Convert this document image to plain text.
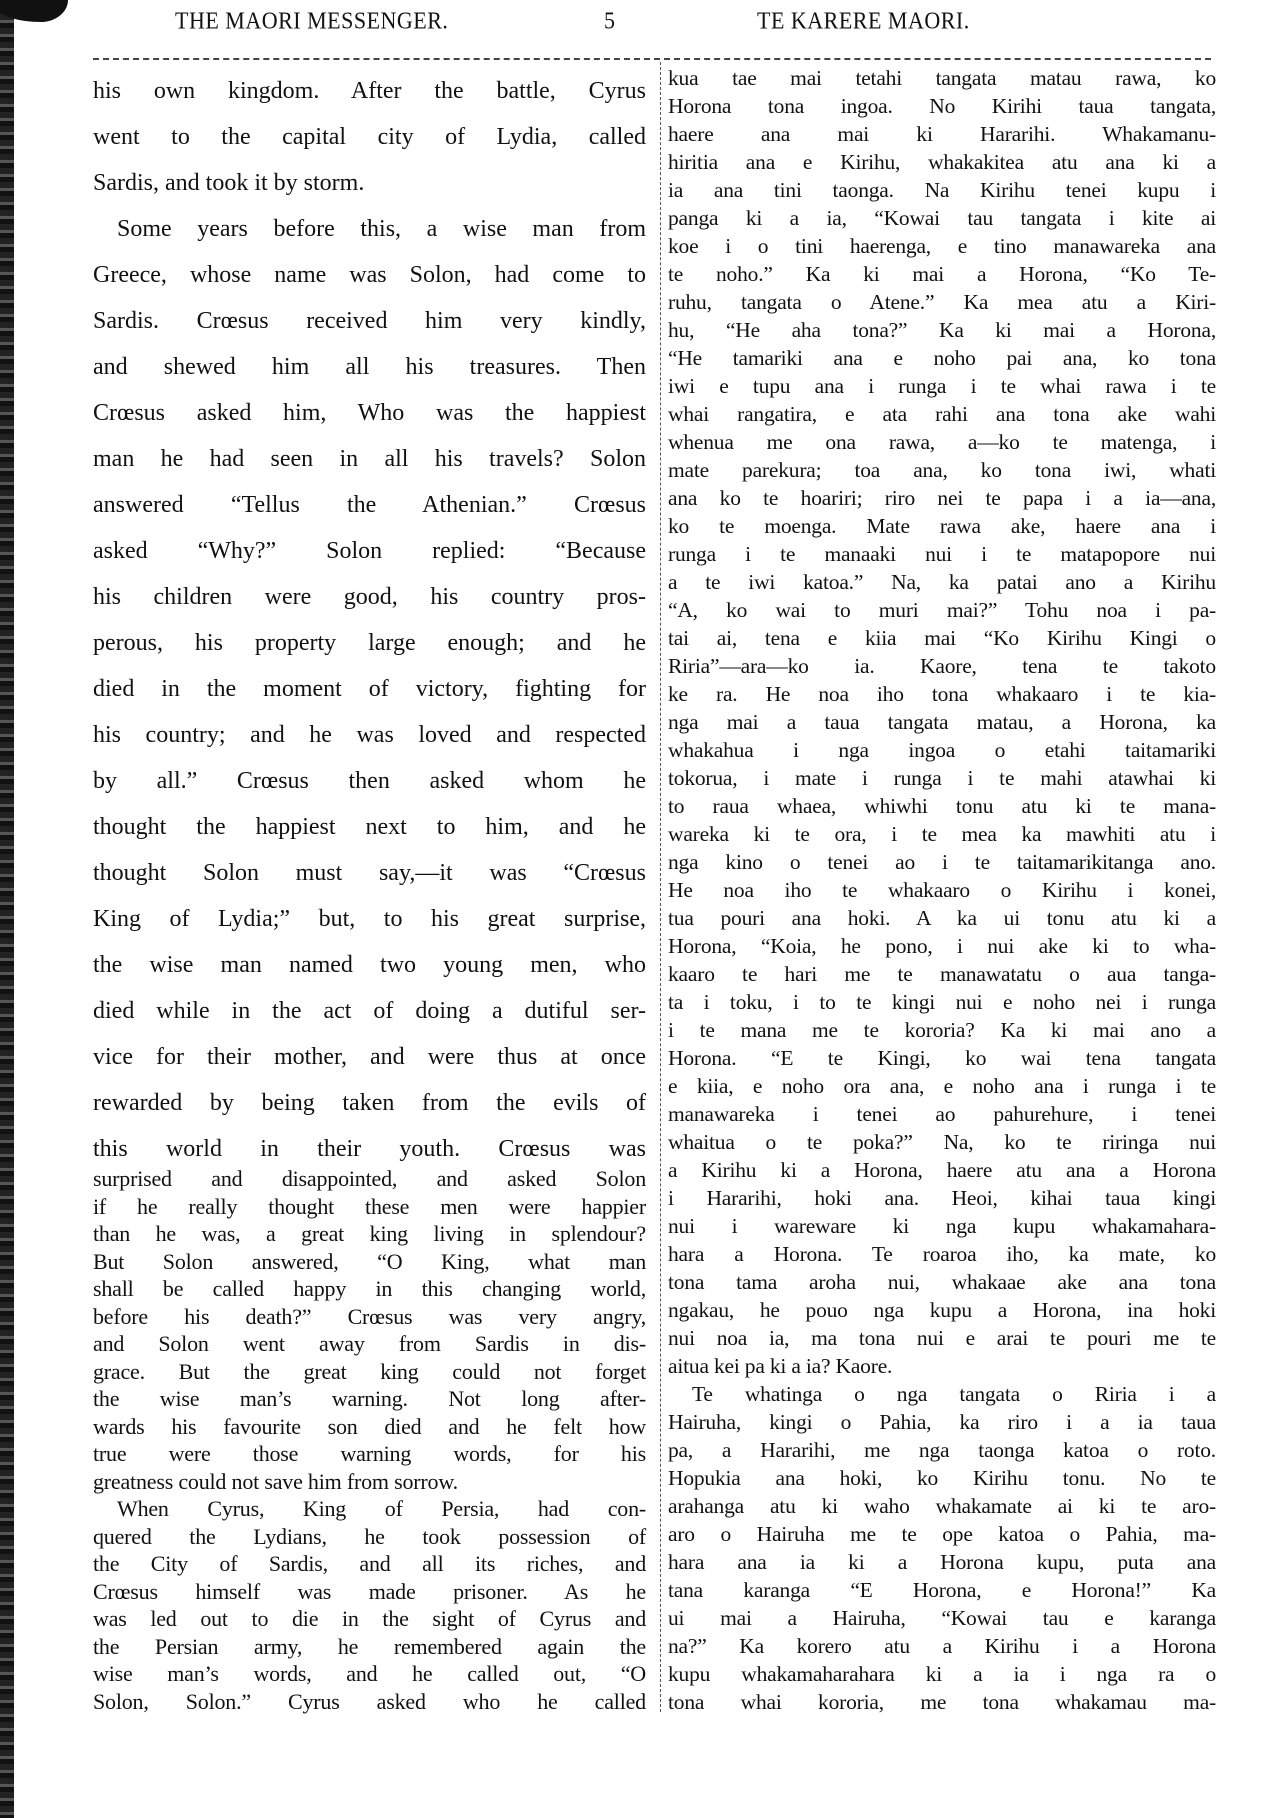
THE MAORI MESSENGER.	5	TE KARERE MAORI.
his own kingdom. After the battle, Cyrus
went to the capital city of Lydia, called
Sardis, and took it by storm.
Some years before this, a wise man from
Greece, whose name was Solon, had come to
Sardis. Crœsus received him very kindly,
and shewed him all his treasures. Then
Crœsus asked him, Who was the happiest
man he had seen in all his travels? Solon
answered “Tellus the Athenian.” Crœsus
asked “Why?” Solon replied: “Because
his children were good, his country pros-
perous, his property large enough; and he
died in the moment of victory, fighting for
his country; and he was loved and respected
by all.” Crœsus then asked whom he
thought the happiest next to him, and he
thought Solon must say,—it was “Crœsus
King of Lydia;” but, to his great surprise,
the wise man named two young men, who
died while in the act of doing a dutiful ser-
vice for their mother, and were thus at once
rewarded by being taken from the evils of
this world in their youth. Crœsus was
surprised and disappointed, and asked Solon
if he really thought these men were happier
than he was, a great king living in splendour?
But Solon answered, “O King, what man
shall be called happy in this changing world,
before his death?” Crœsus was very angry,
and Solon went away from Sardis in dis-
grace. But the great king could not forget
the wise man’s warning. Not long after-
wards his favourite son died and he felt how
true were those warning words, for his
greatness could not save him from sorrow.
When Cyrus, King of Persia, had con-
quered the Lydians, he took possession of
the City of Sardis, and all its riches, and
Crœsus himself was made prisoner. As he
was led out to die in the sight of Cyrus and
the Persian army, he remembered again the
wise man’s words, and he called out, “O
Solon, Solon.” Cyrus asked who he called
kua tae mai tetahi tangata matau rawa, ko
Horona tona ingoa. No Kirihi taua tangata,
haere ana mai ki Hararihi. Whakamanu-
hiritia ana e Kirihu, whakakitea atu ana ki a
ia ana tini taonga. Na Kirihu tenei kupu i
panga ki a ia, “Kowai tau tangata i kite ai
koe i o tini haerenga, e tino manawareka ana
te noho.” Ka ki mai a Horona, “Ko Te-
ruhu, tangata o Atene.” Ka mea atu a Kiri-
hu, “He aha tona?” Ka ki mai a Horona,
“He tamariki ana e noho pai ana, ko tona
iwi e tupu ana i runga i te whai rawa i te
whai rangatira, e ata rahi ana tona ake wahi
whenua me ona rawa, a—ko te matenga, i
mate parekura; toa ana, ko tona iwi, whati
ana ko te hoariri; riro nei te papa i a ia—ana,
ko te moenga. Mate rawa ake, haere ana i
runga i te manaaki nui i te matapopore nui
a te iwi katoa.” Na, ka patai ano a Kirihu
“A, ko wai to muri mai?” Tohu noa i pa-
tai ai, tena e kiia mai “Ko Kirihu Kingi o
Riria”—ara—ko ia. Kaore, tena te takoto
ke ra. He noa iho tona whakaaro i te kia-
nga mai a taua tangata matau, a Horona, ka
whakahua i nga ingoa o etahi taitamariki
tokorua, i mate i runga i te mahi atawhai ki
to raua whaea, whiwhi tonu atu ki te mana-
wareka ki te ora, i te mea ka mawhiti atu i
nga kino o tenei ao i te taitamarikitanga ano.
He noa iho te whakaaro o Kirihu i konei,
tua pouri ana hoki. A ka ui tonu atu ki a
Horona, “Koia, he pono, i nui ake ki to wha-
kaaro te hari me te manawatatu o aua tanga-
ta i toku, i to te kingi nui e noho nei i runga
i te mana me te kororia? Ka ki mai ano a
Horona. “E te Kingi, ko wai tena tangata
e kiia, e noho ora ana, e noho ana i runga i te
manawareka i tenei ao pahurehure, i tenei
whaitua o te poka?” Na, ko te riringa nui
a Kirihu ki a Horona, haere atu ana a Horona
i Hararihi, hoki ana. Heoi, kihai taua kingi
nui i wareware ki nga kupu whakamahara-
hara a Horona. Te roaroa iho, ka mate, ko
tona tama aroha nui, whakaae ake ana tona
ngakau, he pouo nga kupu a Horona, ina hoki
nui noa ia, ma tona nui e arai te pouri me te
aitua kei pa ki a ia? Kaore.
Te whatinga o nga tangata o Riria i a
Hairuha, kingi o Pahia, ka riro i a ia taua
pa, a Hararihi, me nga taonga katoa o roto.
Hopukia ana hoki, ko Kirihu tonu. No te
arahanga atu ki waho whakamate ai ki te aro-
aro o Hairuha me te ope katoa o Pahia, ma-
hara ana ia ki a Horona kupu, puta ana
tana karanga “E Horona, e Horona!” Ka
ui mai a Hairuha, “Kowai tau e karanga
na?” Ka korero atu a Kirihu i a Horona
kupu whakamaharahara ki a ia i nga ra o
tona whai kororia, me tona whakamau ma-
